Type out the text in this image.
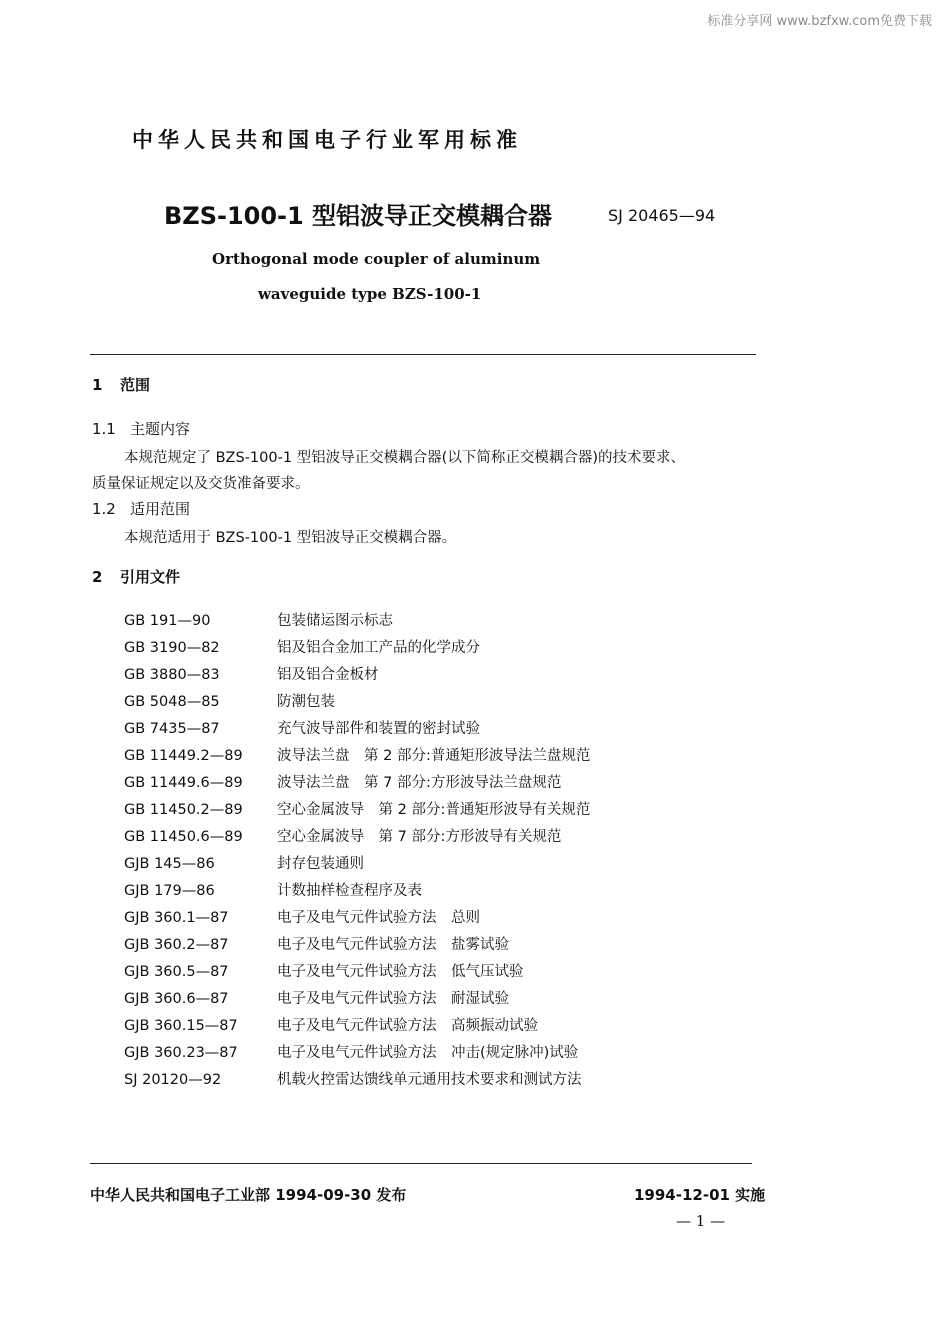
标准分享网 www.bzfxw.com免费下载
中华人民共和国电子行业军用标准
BZS-100-1 型铝波导正交模耦合器	SJ 20465—94
Orthogonal mode coupler of aluminum
waveguide type BZS-100-1
1 范围
1.1 主题内容
本规范规定了 BZS-100-1 型铝波导正交模耦合器(以下简称正交模耦合器)的技术要求、
质量保证规定以及交货准备要求。
1.2 适用范围
本规范适用于 BZS-100-1 型铝波导正交模耦合器。
2 引用文件
GB 191—90	包装储运图示标志
GB 3190—82	铝及铝合金加工产品的化学成分
GB 3880—83	铝及铝合金板材
GB 5048—85	防潮包装
GB 7435—87	充气波导部件和装置的密封试验
GB 11449.2—89 波导法兰盘　第 2 部分:普通矩形波导法兰盘规范
GB 11449.6—89 波导法兰盘　第 7 部分:方形波导法兰盘规范
GB 11450.2—89 空心金属波导　第 2 部分:普通矩形波导有关规范
GB 11450.6—89 空心金属波导　第 7 部分:方形波导有关规范
GJB 145—86	封存包装通则
GJB 179—86	计数抽样检查程序及表
GJB 360.1—87	电子及电气元件试验方法　总则
GJB 360.2—87	电子及电气元件试验方法　盐雾试验
GJB 360.5—87	电子及电气元件试验方法　低气压试验
GJB 360.6—87	电子及电气元件试验方法　耐湿试验
GJB 360.15—87	电子及电气元件试验方法　高频振动试验
GJB 360.23—87	电子及电气元件试验方法　冲击(规定脉冲)试验
SJ 20120—92	机载火控雷达馈线单元通用技术要求和测试方法
中华人民共和国电子工业部 1994-09-30 发布	1994-12-01 实施
— 1 —
